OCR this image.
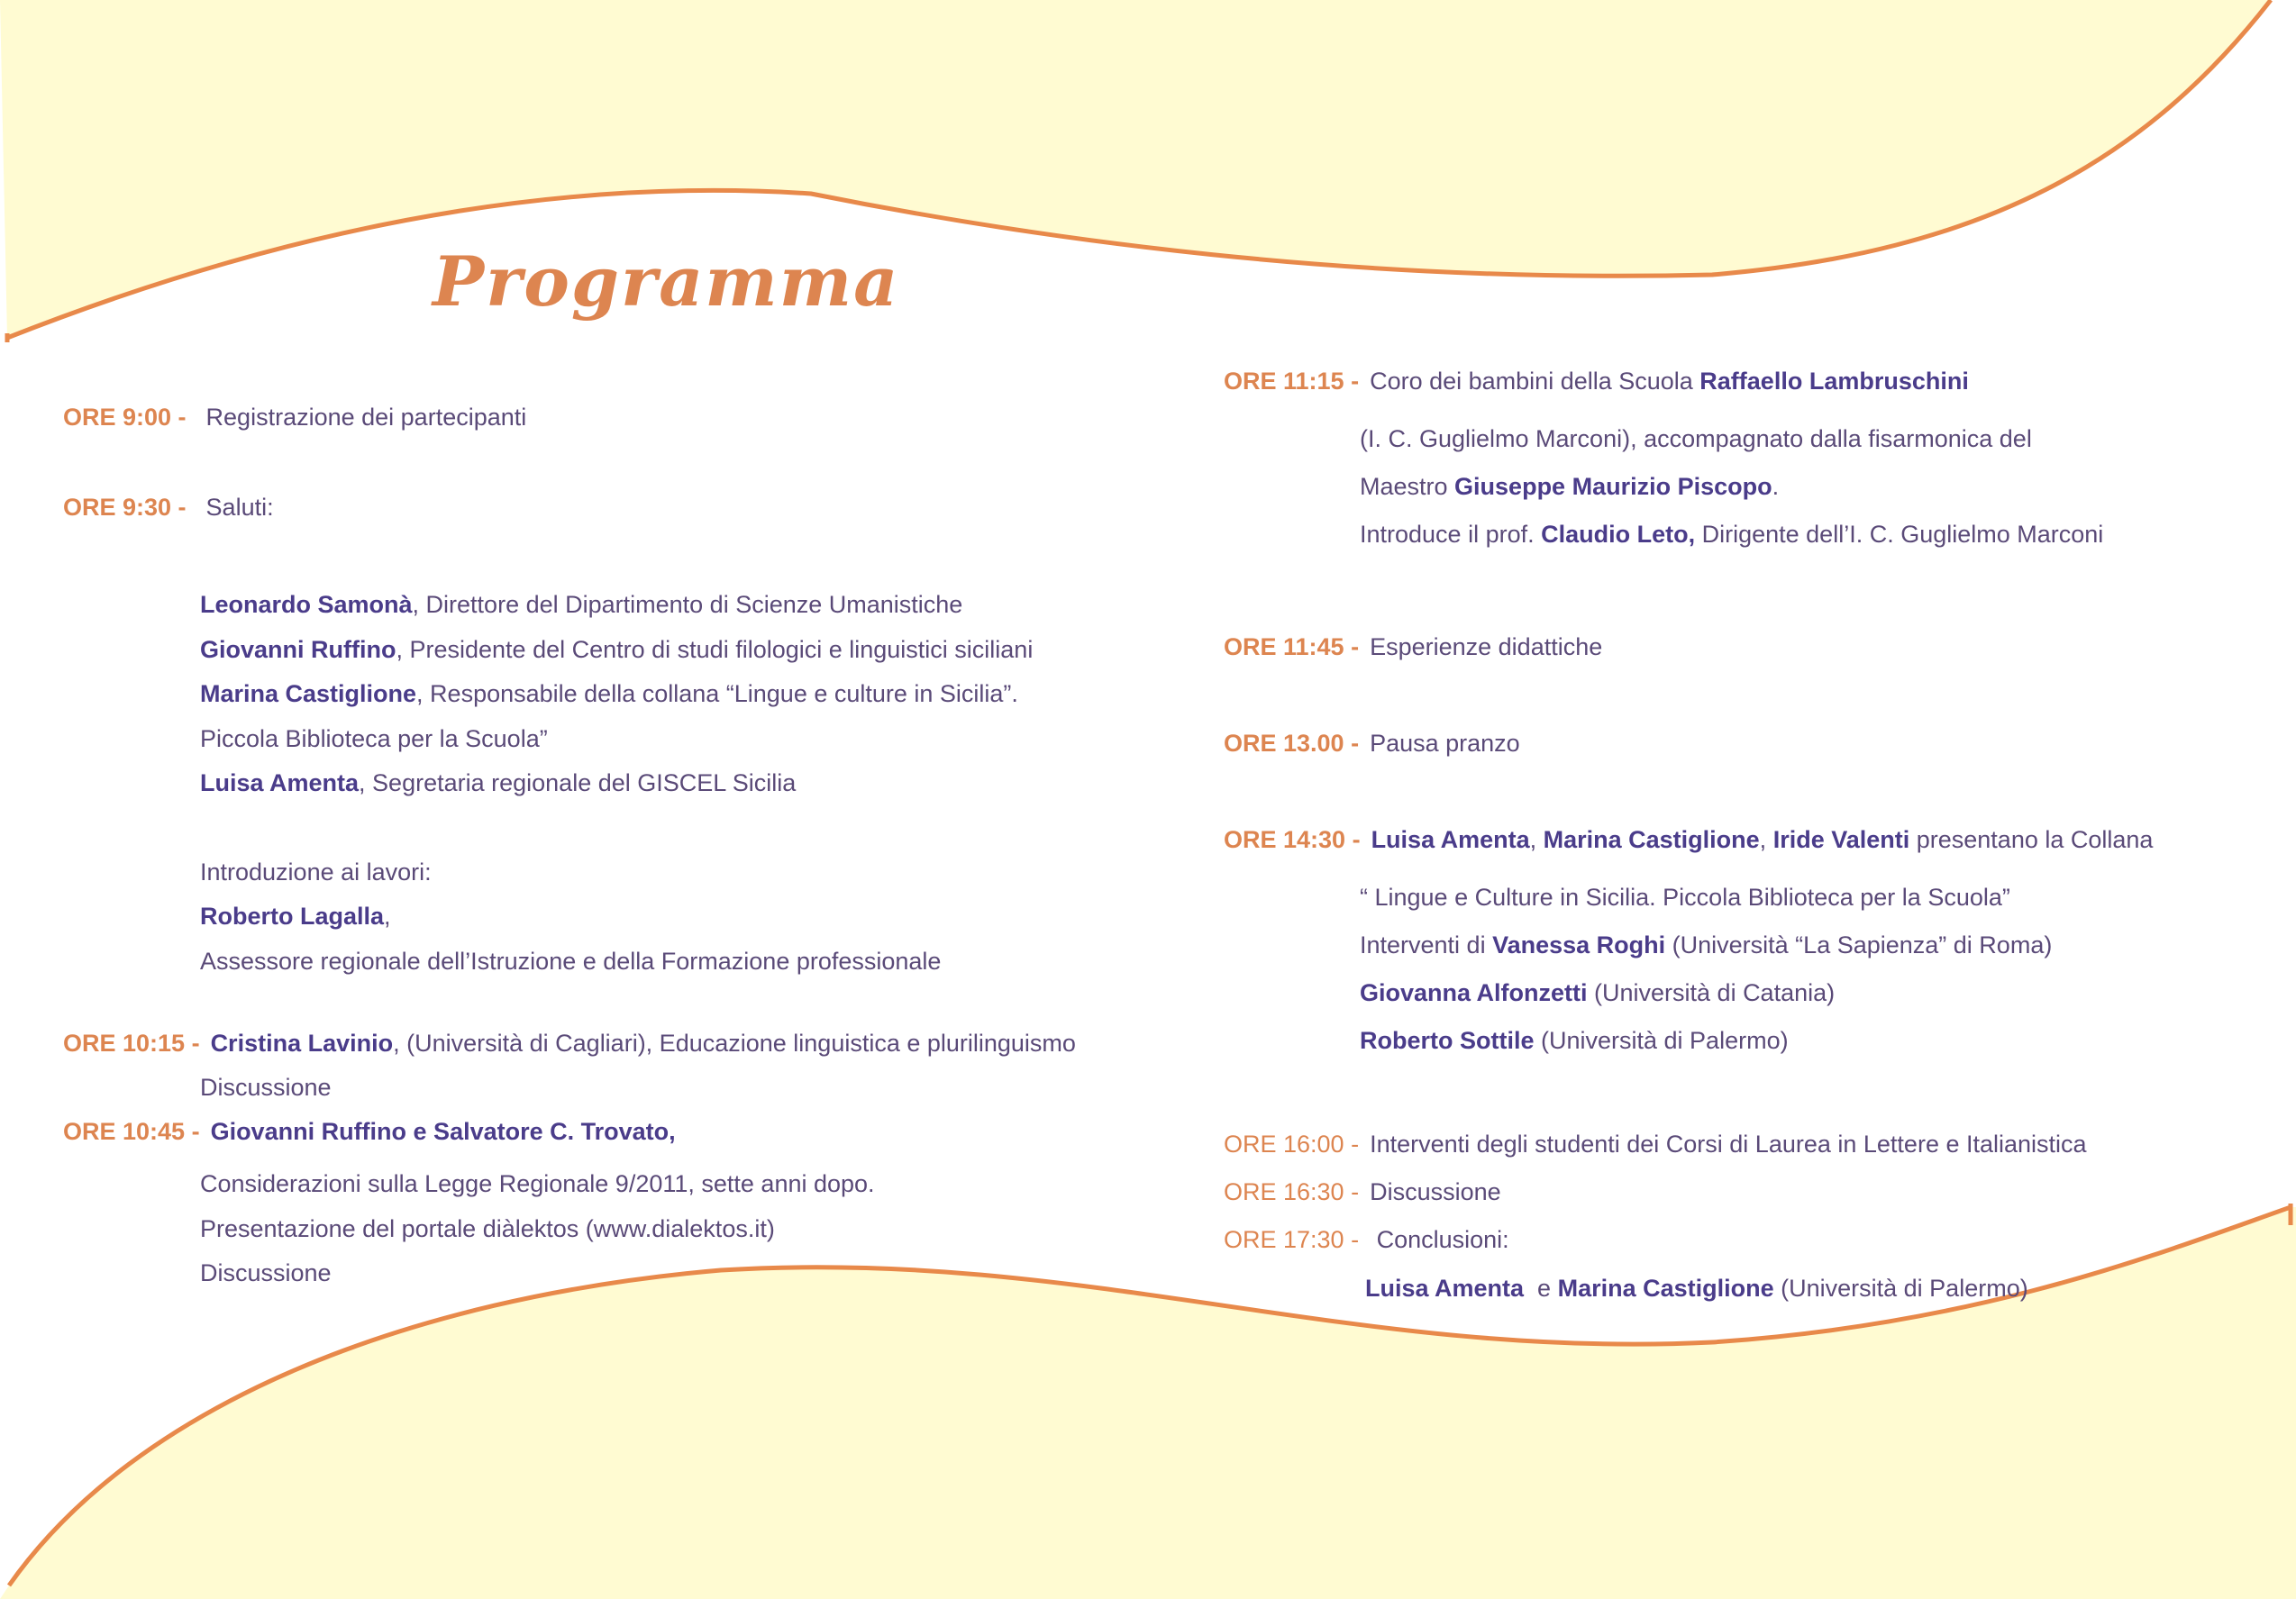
Programma
ORE 9:00 - Registrazione dei partecipanti
ORE 9:30 - Saluti:
Leonardo Samonà, Direttore del Dipartimento di Scienze Umanistiche
Giovanni Ruffino, Presidente del Centro di studi filologici e linguistici siciliani
Marina Castiglione, Responsabile della collana “Lingue e culture in Sicilia”.
Piccola Biblioteca per la Scuola”
Luisa Amenta, Segretaria regionale del GISCEL Sicilia
Introduzione ai lavori:
Roberto Lagalla,
Assessore regionale dell’Istruzione e della Formazione professionale
ORE 10:15 - Cristina Lavinio, (Università di Cagliari), Educazione linguistica e plurilinguismo
Discussione
ORE 10:45 - Giovanni Ruffino e Salvatore C. Trovato,
Considerazioni sulla Legge Regionale 9/2011, sette anni dopo.
Presentazione del portale diàlektos (www.dialektos.it)
Discussione
ORE 11:15 - Coro dei bambini della Scuola Raffaello Lambruschini
(I. C. Guglielmo Marconi), accompagnato dalla fisarmonica del
Maestro Giuseppe Maurizio Piscopo.
Introduce il prof. Claudio Leto, Dirigente dell’I. C. Guglielmo Marconi
ORE 11:45 - Esperienze didattiche
ORE 13.00 - Pausa pranzo
ORE 14:30 - Luisa Amenta, Marina Castiglione, Iride Valenti presentano la Collana
“ Lingue e Culture in Sicilia. Piccola Biblioteca per la Scuola”
Interventi di Vanessa Roghi (Università “La Sapienza” di Roma)
Giovanna Alfonzetti (Università di Catania)
Roberto Sottile (Università di Palermo)
ORE 16:00 - Interventi degli studenti dei Corsi di Laurea in Lettere e Italianistica
ORE 16:30 - Discussione
ORE 17:30 - Conclusioni:
Luisa Amenta  e Marina Castiglione (Università di Palermo)
